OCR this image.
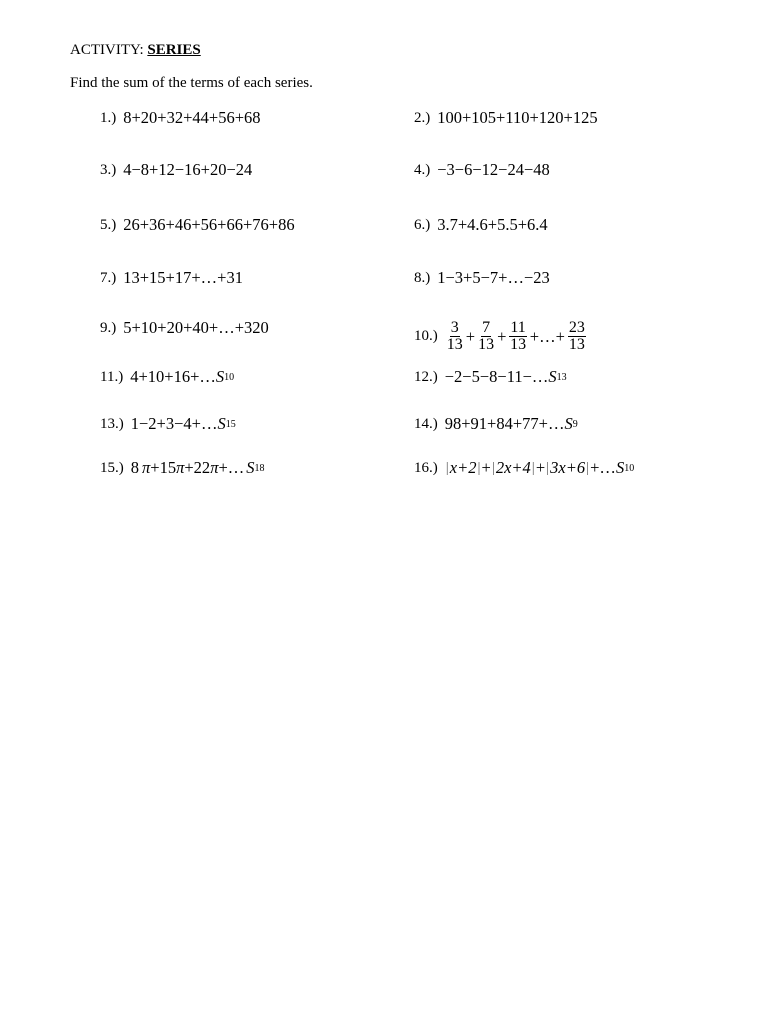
ACTIVITY: SERIES
Find the sum of the terms of each series.
1.) 8+20+32+44+56+68	2.) 100+105+110+120+125
3.) 4−8+12−16+20−24	4.) −3−6−12−24−48
5.) 26+36+46+56+66+76+86	6.) 3.7+4.6+5.5+6.4
7.) 13+15+17+…+31	8.) 1−3+5−7+…−23
9.) 5+10+20+40+…+320	$10.) \frac{3}{13} + \frac{7}{13} + \frac{11}{13}$ +…+ $\frac{23}{13}$
11.) 4+10+16+… S 10	12.) −2−5−8−11−… S 13
13.) 1−2+3−4+… S 15	14.) 98+91+84+77+… S 9
15.) 8 π +15 π +22 π +… S 18	16.) | x+2 | + | 2x+4 | + | 3x+6 | +… S 10
